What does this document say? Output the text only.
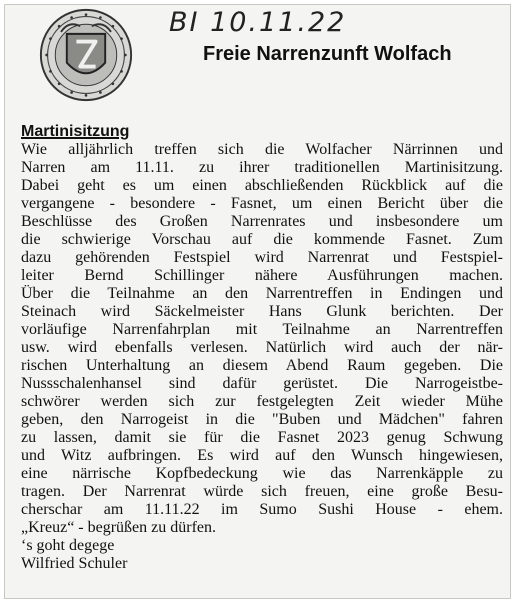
BI 10.11.22
Freie Narrenzunft Wolfach
Martinisitzung
Wie alljährlich treffen sich die Wolfacher Närrinnen und
Narren am 11.11. zu ihrer traditionellen Martinisitzung.
Dabei geht es um einen abschließenden Rückblick auf die
vergangene - besondere - Fasnet, um einen Bericht über die
Beschlüsse des Großen Narrenrates und insbesondere um
die schwierige Vorschau auf die kommende Fasnet. Zum
dazu gehörenden Festspiel wird Narrenrat und Festspiel-
leiter Bernd Schillinger nähere Ausführungen machen.
Über die Teilnahme an den Narrentreffen in Endingen und
Steinach wird Säckelmeister Hans Glunk berichten. Der
vorläufige Narrenfahrplan mit Teilnahme an Narrentreffen
usw. wird ebenfalls verlesen. Natürlich wird auch der när-
rischen Unterhaltung an diesem Abend Raum gegeben. Die
Nussschalenhansel sind dafür gerüstet. Die Narrogeistbe-
schwörer werden sich zur festgelegten Zeit wieder Mühe
geben, den Narrogeist in die "Buben und Mädchen" fahren
zu lassen, damit sie für die Fasnet 2023 genug Schwung
und Witz aufbringen. Es wird auf den Wunsch hingewiesen,
eine närrische Kopfbedeckung wie das Narrenkäpple zu
tragen. Der Narrenrat würde sich freuen, eine große Besu-
cherschar am 11.11.22 im Sumo Sushi House - ehem.
„Kreuz“ - begrüßen zu dürfen.
‘s goht degege
Wilfried Schuler
